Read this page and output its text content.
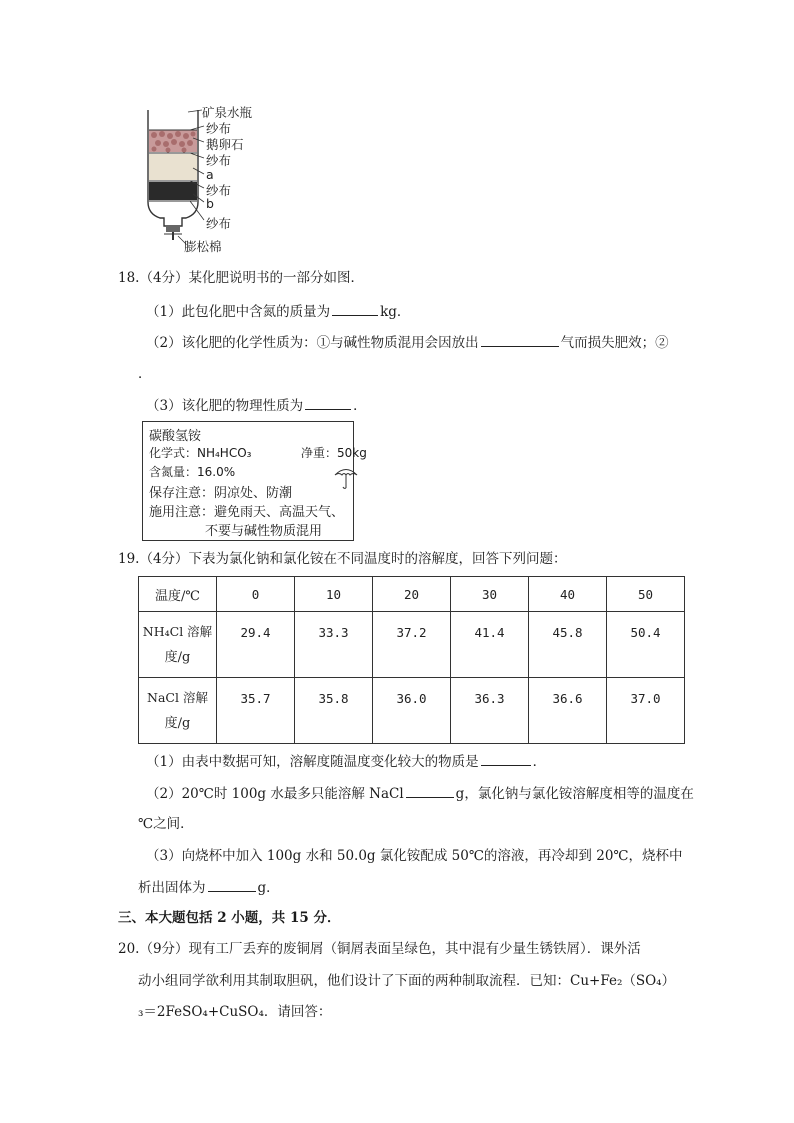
矿泉水瓶
纱布
鹅卵石
纱布
a
纱布
b
纱布
膨松棉
18.（4分）某化肥说明书的一部分如图．
（1）此包化肥中含氮的质量为	kg．
（2）该化肥的化学性质为：①与碱性物质混用会因放出	气而损失肥效；②
．
（3）该化肥的物理性质为	．
碳酸氢铵
化学式：NH₄HCO₃	净重：50kg
含氮量：16.0%
保存注意：阴凉处、防潮
施用注意：避免雨天、高温天气、
不要与碱性物质混用
19.（4分）下表为氯化钠和氯化铵在不同温度时的溶解度，回答下列问题：
温度/℃	0	10	20	30	40	50

NH₄Cl 溶解
度/g	29.4	33.3	37.2	41.4	45.8	50.4

NaCl 溶解
度/g	35.7	35.8	36.0	36.3	36.6	37.0
（1）由表中数据可知，溶解度随温度变化较大的物质是	．
（2）20℃时 100g 水最多只能溶解 NaCl	g，氯化钠与氯化铵溶解度相等的温度在
℃之间．
（3）向烧杯中加入 100g 水和 50.0g 氯化铵配成 50℃的溶液，再冷却到 20℃，烧杯中
析出固体为	g．
三、本大题包括 2 小题，共 15 分．
20.（9分）现有工厂丢弃的废铜屑（铜屑表面呈绿色，其中混有少量生锈铁屑）．课外活
动小组同学欲利用其制取胆矾，他们设计了下面的两种制取流程．已知：Cu+Fe₂（SO₄）
₃＝2FeSO₄+CuSO₄．请回答：
